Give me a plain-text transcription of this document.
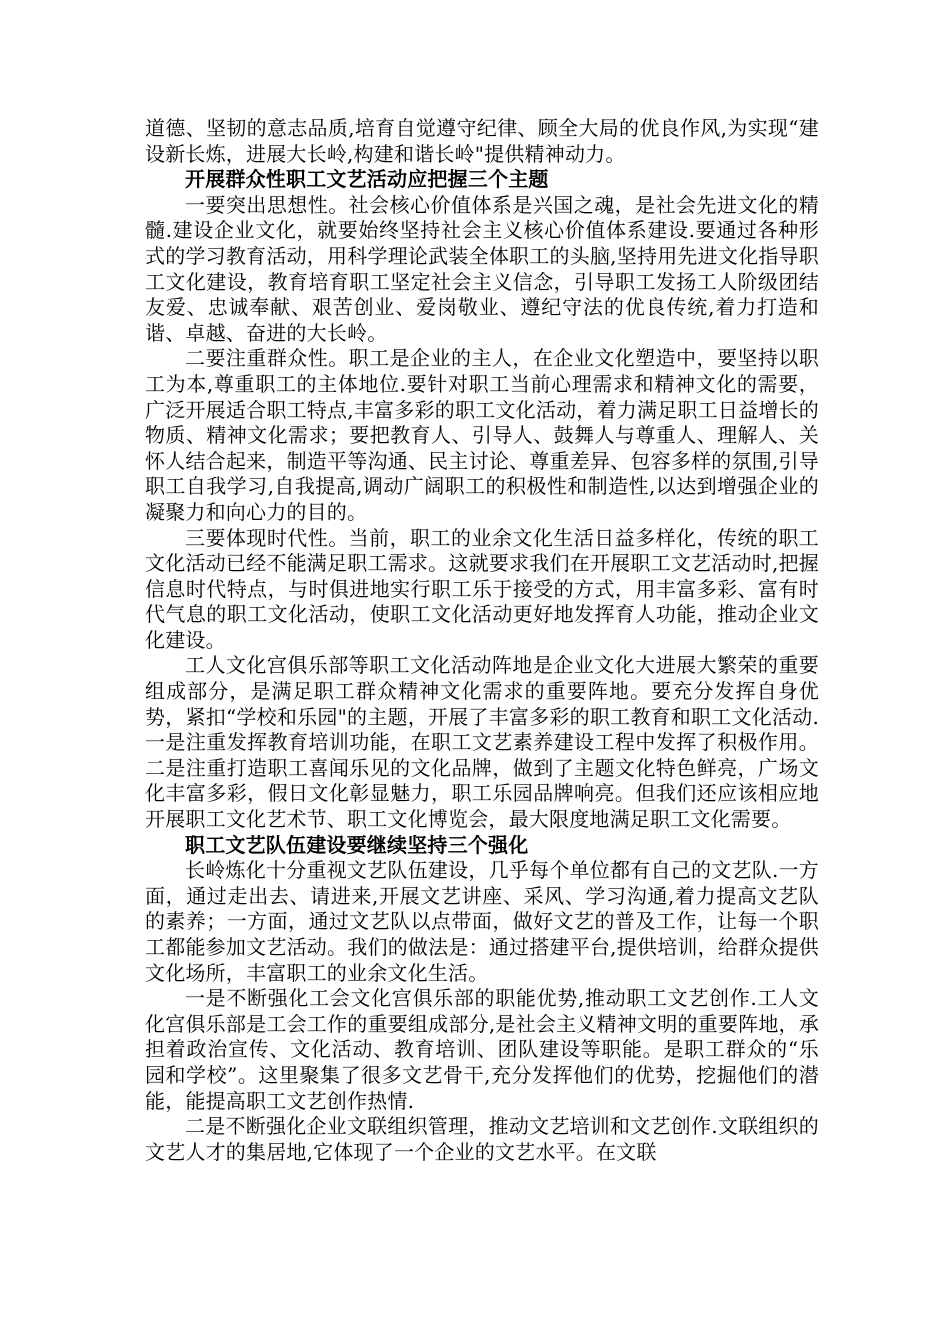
道德、坚韧的意志品质,培育自觉遵守纪律、顾全大局的优良作风,为实现“建设新长炼，进展大长岭,构建和谐长岭"提供精神动力。

开展群众性职工文艺活动应把握三个主题

一要突出思想性。社会核心价值体系是兴国之魂，是社会先进文化的精髓.建设企业文化，就要始终坚持社会主义核心价值体系建设.要通过各种形式的学习教育活动，用科学理论武装全体职工的头脑,坚持用先进文化指导职工文化建设，教育培育职工坚定社会主义信念，引导职工发扬工人阶级团结友爱、忠诚奉献、艰苦创业、爱岗敬业、遵纪守法的优良传统,着力打造和谐、卓越、奋进的大长岭。

二要注重群众性。职工是企业的主人，在企业文化塑造中，要坚持以职工为本,尊重职工的主体地位.要针对职工当前心理需求和精神文化的需要，广泛开展适合职工特点,丰富多彩的职工文化活动，着力满足职工日益增长的物质、精神文化需求；要把教育人、引导人、鼓舞人与尊重人、理解人、关怀人结合起来，制造平等沟通、民主讨论、尊重差异、包容多样的氛围,引导职工自我学习,自我提高,调动广阔职工的积极性和制造性,以达到增强企业的凝聚力和向心力的目的。

三要体现时代性。当前，职工的业余文化生活日益多样化，传统的职工文化活动已经不能满足职工需求。这就要求我们在开展职工文艺活动时,把握信息时代特点，与时俱进地实行职工乐于接受的方式，用丰富多彩、富有时代气息的职工文化活动，使职工文化活动更好地发挥育人功能，推动企业文化建设。

工人文化宫俱乐部等职工文化活动阵地是企业文化大进展大繁荣的重要组成部分，是满足职工群众精神文化需求的重要阵地。要充分发挥自身优势，紧扣“学校和乐园"的主题，开展了丰富多彩的职工教育和职工文化活动.一是注重发挥教育培训功能，在职工文艺素养建设工程中发挥了积极作用。二是注重打造职工喜闻乐见的文化品牌，做到了主题文化特色鲜亮，广场文化丰富多彩，假日文化彰显魅力，职工乐园品牌响亮。但我们还应该相应地开展职工文化艺术节、职工文化博览会，最大限度地满足职工文化需要。

职工文艺队伍建设要继续坚持三个强化

长岭炼化十分重视文艺队伍建设，几乎每个单位都有自己的文艺队.一方面，通过走出去、请进来,开展文艺讲座、采风、学习沟通,着力提高文艺队的素养；一方面，通过文艺队以点带面，做好文艺的普及工作，让每一个职工都能参加文艺活动。我们的做法是：通过搭建平台,提供培训，给群众提供文化场所，丰富职工的业余文化生活。

一是不断强化工会文化宫俱乐部的职能优势,推动职工文艺创作.工人文化宫俱乐部是工会工作的重要组成部分,是社会主义精神文明的重要阵地，承担着政治宣传、文化活动、教育培训、团队建设等职能。是职工群众的“乐园和学校”。这里聚集了很多文艺骨干,充分发挥他们的优势，挖掘他们的潜能，能提高职工文艺创作热情.

二是不断强化企业文联组织管理，推动文艺培训和文艺创作.文联组织的文艺人才的集居地,它体现了一个企业的文艺水平。在文联
